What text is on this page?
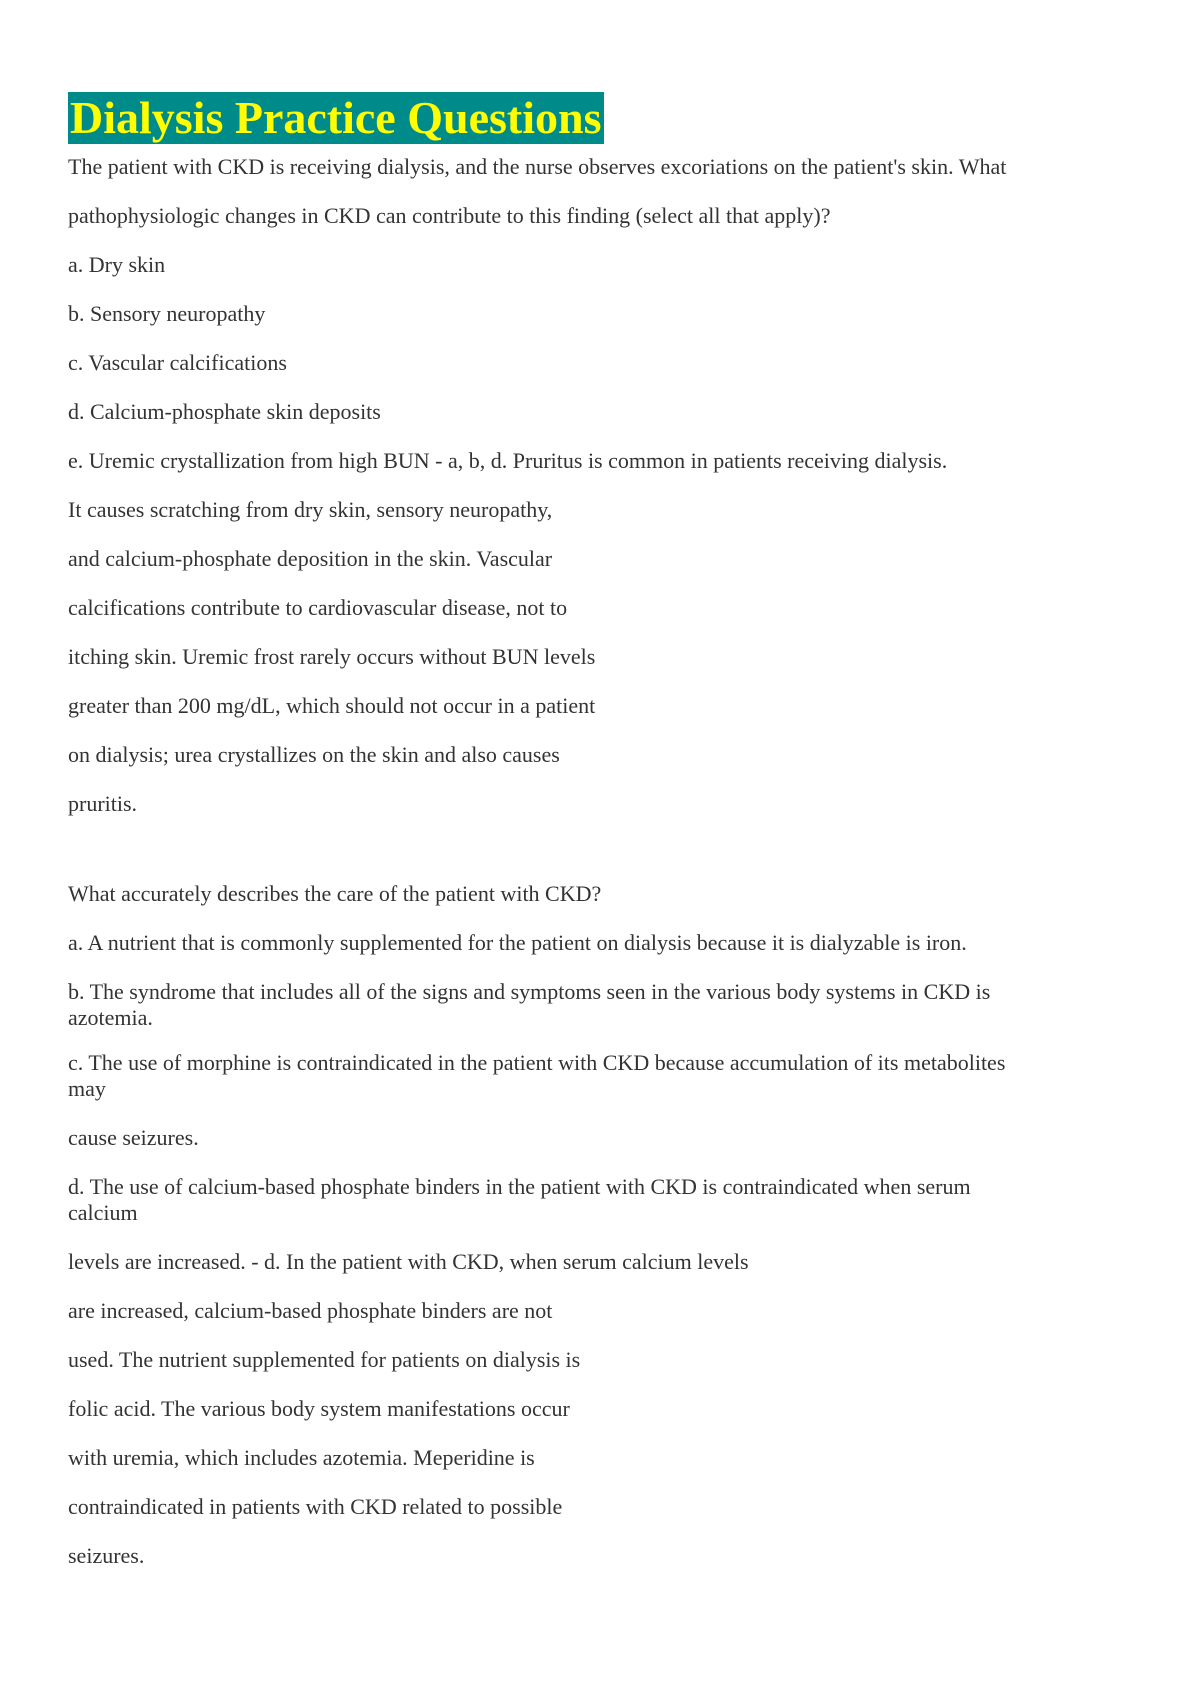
Dialysis Practice Questions

The patient with CKD is receiving dialysis, and the nurse observes excoriations on the patient's skin. What

pathophysiologic changes in CKD can contribute to this finding (select all that apply)?

a. Dry skin

b. Sensory neuropathy

c. Vascular calcifications

d. Calcium-phosphate skin deposits

e. Uremic crystallization from high BUN - a, b, d. Pruritus is common in patients receiving dialysis.

It causes scratching from dry skin, sensory neuropathy,

and calcium-phosphate deposition in the skin. Vascular

calcifications contribute to cardiovascular disease, not to

itching skin. Uremic frost rarely occurs without BUN levels

greater than 200 mg/dL, which should not occur in a patient

on dialysis; urea crystallizes on the skin and also causes

pruritis.

What accurately describes the care of the patient with CKD?

a. A nutrient that is commonly supplemented for the patient on dialysis because it is dialyzable is iron.

b. The syndrome that includes all of the signs and symptoms seen in the various body systems in CKD is

azotemia.

c. The use of morphine is contraindicated in the patient with CKD because accumulation of its metabolites

may

cause seizures.

d. The use of calcium-based phosphate binders in the patient with CKD is contraindicated when serum

calcium

levels are increased. - d. In the patient with CKD, when serum calcium levels

are increased, calcium-based phosphate binders are not

used. The nutrient supplemented for patients on dialysis is

folic acid. The various body system manifestations occur

with uremia, which includes azotemia. Meperidine is

contraindicated in patients with CKD related to possible

seizures.
